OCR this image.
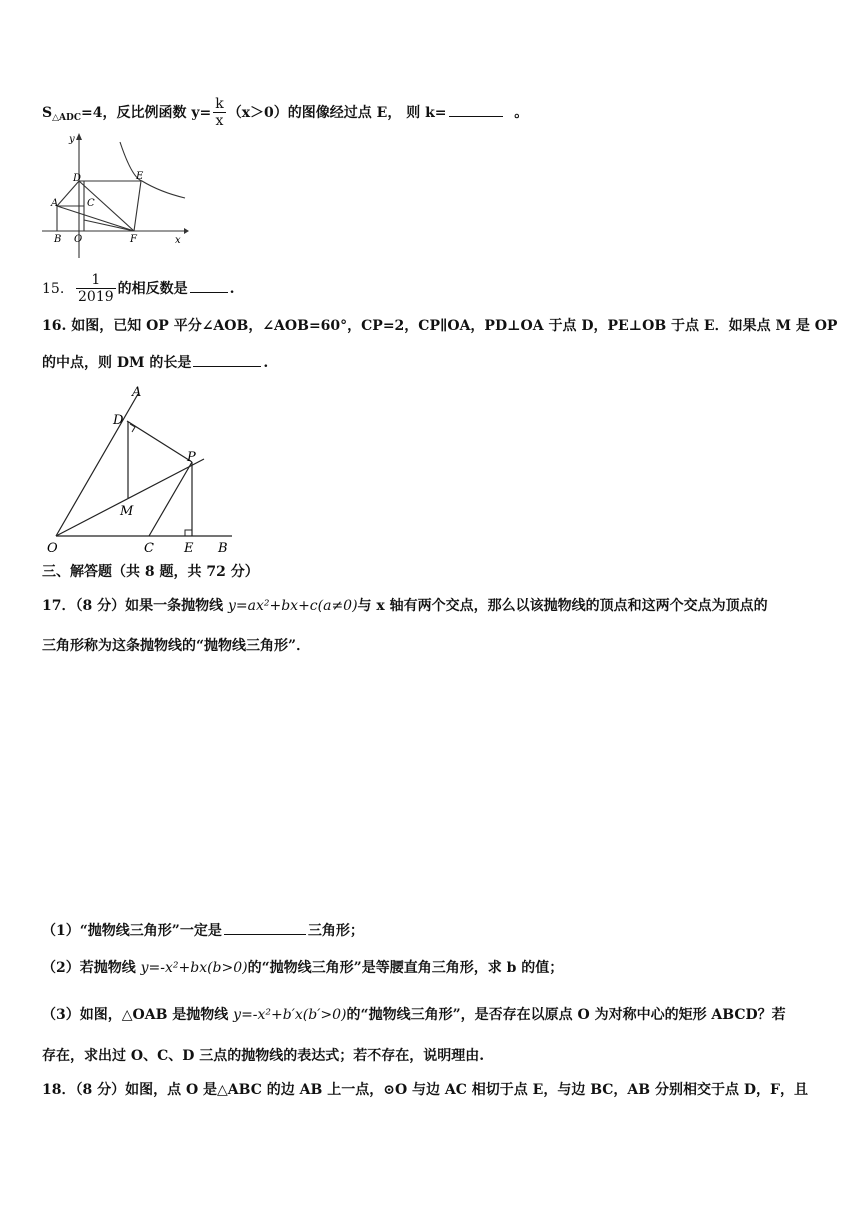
$S_{\triangle ADC}=4$，反比例函数 $y= \frac{k}{x} (x>0)$的图像经过点 E， 则 k=	。
y
x
D	E
A	C
B O	F
15. $\frac{1}{2019}$ 的相反数是	.
16. 如图，已知 OP 平分∠AOB，∠AOB=60°，CP=2，CP∥OA，PD⊥OA 于点 D，PE⊥OB 于点 E．如果点 M 是 OP
的中点，则 DM 的长是	.
A
D
P
M
O	C E B
三、解答题（共 8 题，共 72 分）
17．（8 分）如果一条抛物线 y=ax²+bx+c(a≠0)与 x 轴有两个交点，那么以该抛物线的顶点和这两个交点为顶点的
三角形称为这条抛物线的“抛物线三角形”．
（1）“抛物线三角形”一定是	三角形；
（2）若抛物线 y=-x²+bx(b>0)的“抛物线三角形”是等腰直角三角形，求 b 的值；
（3）如图，△OAB 是抛物线 y=-x²+b′x(b′>0)的“抛物线三角形”，是否存在以原点 O 为对称中心的矩形 ABCD？若
存在，求出过 O、C、D 三点的抛物线的表达式；若不存在，说明理由.
18．（8 分）如图，点 O 是△ABC 的边 AB 上一点，⊙O 与边 AC 相切于点 E，与边 BC，AB 分别相交于点 D，F，且
